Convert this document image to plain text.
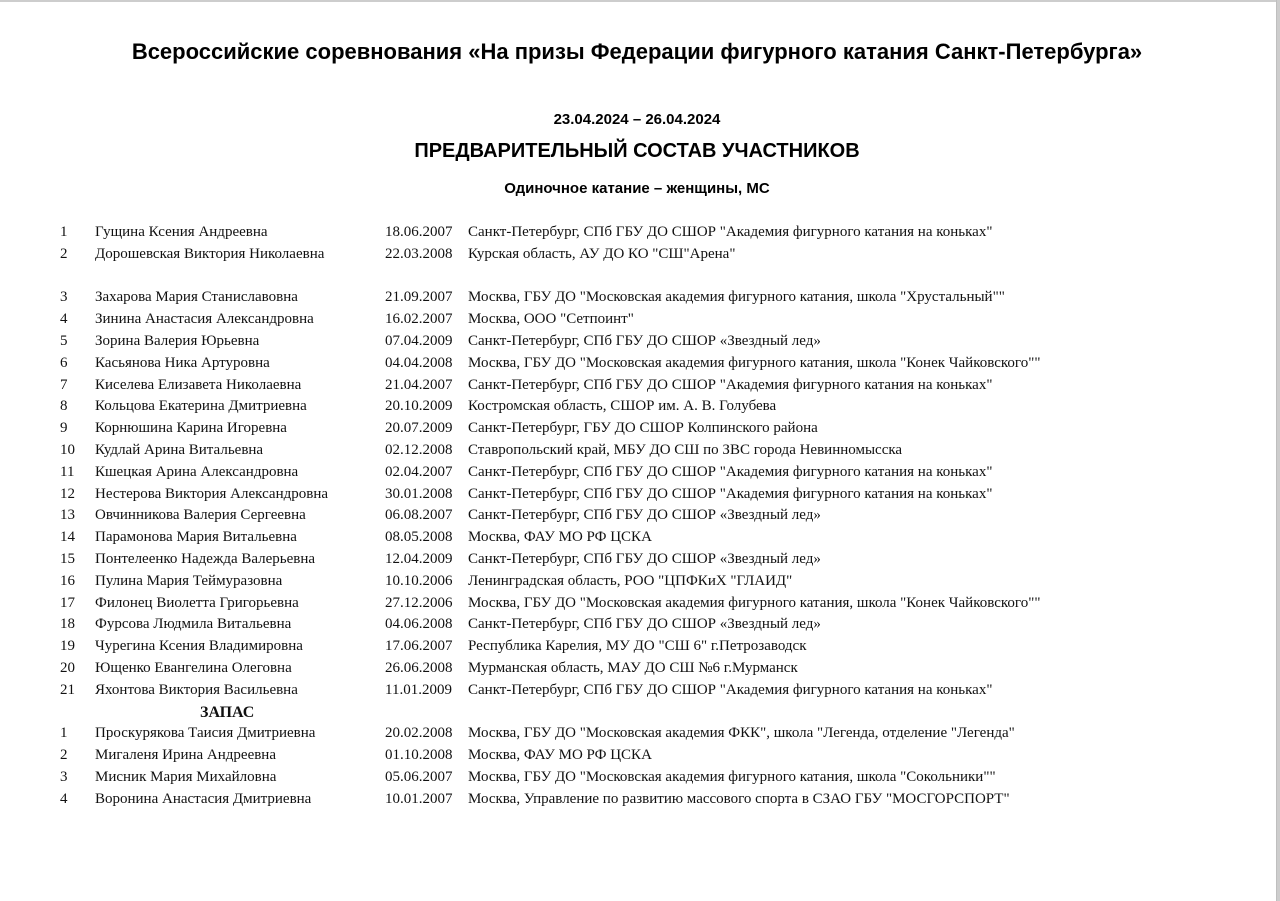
Всероссийские соревнования «На призы Федерации фигурного катания Санкт-Петербурга»
23.04.2024 – 26.04.2024
ПРЕДВАРИТЕЛЬНЫЙ СОСТАВ УЧАСТНИКОВ
Одиночное катание – женщины, МС
1	Гущина Ксения Андреевна	18.06.2007	Санкт-Петербург, СПб ГБУ ДО СШОР "Академия фигурного катания на коньках"
2	Дорошевская Виктория Николаевна	22.03.2008	Курская область, АУ ДО КО "СШ"Арена"
3	Захарова Мария Станиславовна	21.09.2007	Москва, ГБУ ДО "Московская академия фигурного катания, школа "Хрустальный""
4	Зинина Анастасия Александровна	16.02.2007	Москва, ООО "Сетпоинт"
5	Зорина Валерия Юрьевна	07.04.2009	Санкт-Петербург, СПб ГБУ ДО СШОР «Звездный лед»
6	Касьянова Ника Артуровна	04.04.2008	Москва, ГБУ ДО "Московская академия фигурного катания, школа "Конек Чайковского""
7	Киселева Елизавета Николаевна	21.04.2007	Санкт-Петербург, СПб ГБУ ДО СШОР "Академия фигурного катания на коньках"
8	Кольцова Екатерина Дмитриевна	20.10.2009	Костромская область, СШОР им. А. В. Голубева
9	Корнюшина Карина Игоревна	20.07.2009	Санкт-Петербург, ГБУ ДО СШОР Колпинского района
10	Кудлай Арина Витальевна	02.12.2008	Ставропольский край, МБУ ДО СШ по ЗВС города Невинномысска
11	Кшецкая Арина Александровна	02.04.2007	Санкт-Петербург, СПб ГБУ ДО СШОР "Академия фигурного катания на коньках"
12	Нестерова Виктория Александровна	30.01.2008	Санкт-Петербург, СПб ГБУ ДО СШОР "Академия фигурного катания на коньках"
13	Овчинникова Валерия Сергеевна	06.08.2007	Санкт-Петербург, СПб ГБУ ДО СШОР «Звездный лед»
14	Парамонова Мария Витальевна	08.05.2008	Москва, ФАУ МО РФ ЦСКА
15	Понтелеенко Надежда Валерьевна	12.04.2009	Санкт-Петербург, СПб ГБУ ДО СШОР «Звездный лед»
16	Пулина Мария Теймуразовна	10.10.2006	Ленинградская область, РОО "ЦПФКиХ "ГЛАИД"
17	Филонец Виолетта Григорьевна	27.12.2006	Москва, ГБУ ДО "Московская академия фигурного катания, школа "Конек Чайковского""
18	Фурсова Людмила Витальевна	04.06.2008	Санкт-Петербург, СПб ГБУ ДО СШОР «Звездный лед»
19	Чурегина Ксения Владимировна	17.06.2007	Республика Карелия, МУ ДО "СШ 6" г.Петрозаводск
20	Ющенко Евангелина Олеговна	26.06.2008	Мурманская область, МАУ ДО СШ №6 г.Мурманск
21	Яхонтова Виктория Васильевна	11.01.2009	Санкт-Петербург, СПб ГБУ ДО СШОР "Академия фигурного катания на коньках"
ЗАПАС
1	Проскурякова Таисия Дмитриевна	20.02.2008	Москва, ГБУ ДО "Московская академия ФКК", школа "Легенда, отделение "Легенда"
2	Мигаленя Ирина Андреевна	01.10.2008	Москва, ФАУ МО РФ ЦСКА
3	Мисник Мария Михайловна	05.06.2007	Москва, ГБУ ДО "Московская академия фигурного катания, школа "Сокольники""
4	Воронина Анастасия Дмитриевна	10.01.2007	Москва, Управление по развитию массового спорта в СЗАО ГБУ "МОСГОРСПОРТ"
